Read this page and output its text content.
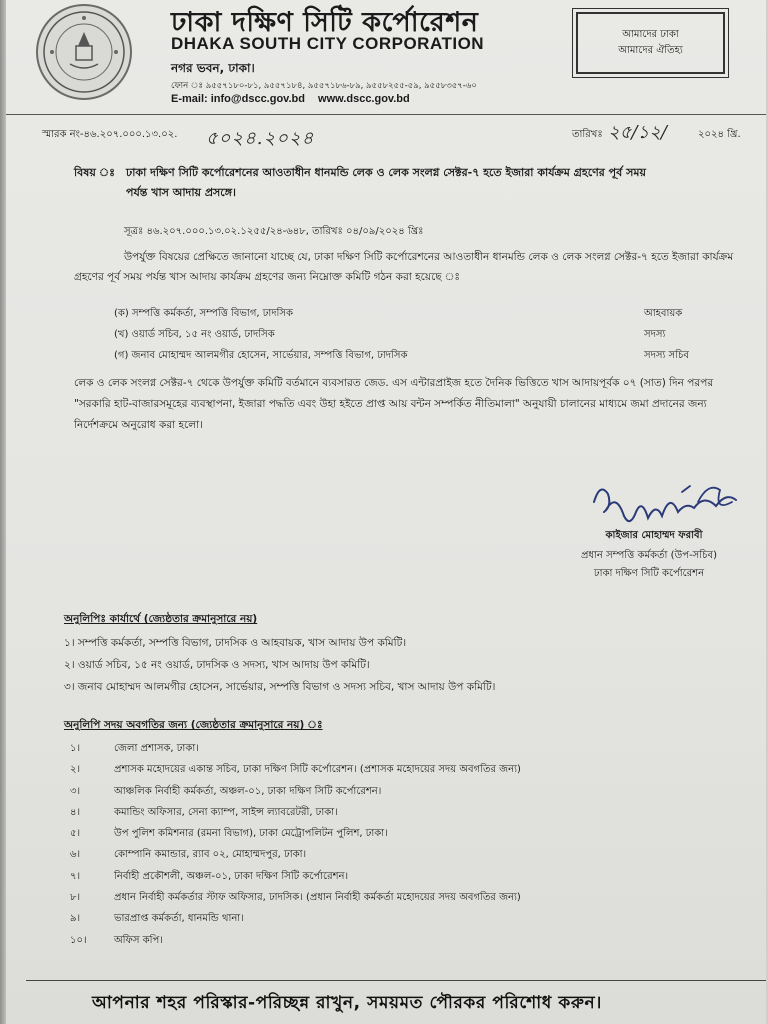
ঢাকা দক্ষিণ সিটি কর্পোরেশন
DHAKA SOUTH CITY CORPORATION
নগর ভবন, ঢাকা।
ফোন ঃ ৯৫৫৭১৮০-৮১, ৯৫৫৭১৮৪, ৯৫৫৭১৮৬-৮৯, ৯৫৫৮২৫৫-৫৯, ৯৫৫৮৩৫৭-৬০
E-mail: info@dscc.gov.bd www.dscc.gov.bd
আমাদের ঢাকা
আমাদের ঐতিহ্য
স্মারক নং-৪৬.২০৭.০০০.১৩.০২. ৫০২৪.২০২৪	তারিখঃ ২৫/১২/	২০২৪ খ্রি.
বিষয় ঃ ঢাকা দক্ষিণ সিটি কর্পোরেশনের আওতাধীন ধানমন্ডি লেক ও লেক সংলগ্ন সেক্টর-৭ হতে ইজারা কার্যক্রম গ্রহণের পূর্ব সময়
পর্যন্ত খাস আদায় প্রসঙ্গে।
সূত্রঃ ৪৬.২০৭.০০০.১৩.০২.১২৫৫/২৪-৬৪৮, তারিখঃ ০৪/০৯/২০২৪ খ্রিঃ
উপর্যুক্ত বিষয়ের প্রেক্ষিতে জানানো যাচ্ছে যে, ঢাকা দক্ষিণ সিটি কর্পোরেশনের আওতাধীন ধানমন্ডি লেক ও লেক সংলগ্ন সেক্টর-৭ হতে ইজারা কার্যক্রম গ্রহণের পূর্ব সময় পর্যন্ত খাস আদায় কার্যক্রম গ্রহণের জন্য নিম্নোক্ত কমিটি গঠন করা হয়েছে ঃ
(ক) সম্পত্তি কর্মকর্তা, সম্পত্তি বিভাগ, ঢাদসিক	আহবায়ক
(খ) ওয়ার্ড সচিব, ১৫ নং ওয়ার্ড, ঢাদসিক	সদস্য
(গ) জনাব মোহাম্মদ আলমগীর হোসেন, সার্ভেয়ার, সম্পত্তি বিভাগ, ঢাদসিক	সদস্য সচিব
লেক ও লেক সংলগ্ন সেক্টর-৭ থেকে উপর্যুক্ত কমিটি বর্তমানে ব্যবসারত জেড. এস এন্টারপ্রাইজ হতে দৈনিক ভিত্তিতে খাস আদায়পূর্বক ০৭ (সাত) দিন পরপর "সরকারি হাট-বাজারসমূহের ব্যবস্থাপনা, ইজারা পদ্ধতি এবং উহা হইতে প্রাপ্ত আয় বন্টন সম্পর্কিত নীতিমালা" অনুযায়ী চালানের মাধ্যমে জমা প্রদানের জন্য নির্দেশক্রমে অনুরোধ করা হলো।
কাইজার মোহাম্মদ ফরাবী
প্রধান সম্পত্তি কর্মকর্তা (উপ-সচিব)
ঢাকা দক্ষিণ সিটি কর্পোরেশন
অনুলিপিঃ কার্যার্থে (জ্যেষ্ঠতার ক্রমানুসারে নয়)
১। সম্পত্তি কর্মকর্তা, সম্পত্তি বিভাগ, ঢাদসিক ও আহবায়ক, খাস আদায় উপ কমিটি।
২। ওয়ার্ড সচিব, ১৫ নং ওয়ার্ড, ঢাদসিক ও সদস্য, খাস আদায় উপ কমিটি।
৩। জনাব মোহাম্মদ আলমগীর হোসেন, সার্ভেয়ার, সম্পত্তি বিভাগ ও সদস্য সচিব, খাস আদায় উপ কমিটি।
অনুলিপি সদয় অবগতির জন্য (জ্যেষ্ঠতার ক্রমানুসারে নয়) ঃ
১।	জেলা প্রশাসক, ঢাকা।
২।	প্রশাসক মহোদয়ের একান্ত সচিব, ঢাকা দক্ষিণ সিটি কর্পোরেশন। (প্রশাসক মহোদয়ের সদয় অবগতির জন্য)
৩।	আঞ্চলিক নির্বাহী কর্মকর্তা, অঞ্চল-০১, ঢাকা দক্ষিণ সিটি কর্পোরেশন।
৪।	কমান্ডিং অফিসার, সেনা ক্যাম্প, সাইন্স ল্যাবরেটরী, ঢাকা।
৫।	উপ পুলিশ কমিশনার (রমনা বিভাগ), ঢাকা মেট্রোপলিটন পুলিশ, ঢাকা।
৬।	কোম্পানি কমান্ডার, র‍্যাব ০২, মোহাম্মদপুর, ঢাকা।
৭।	নির্বাহী প্রকৌশলী, অঞ্চল-০১, ঢাকা দক্ষিণ সিটি কর্পোরেশন।
৮।	প্রধান নির্বাহী কর্মকর্তার স্টাফ অফিসার, ঢাদসিক। (প্রধান নির্বাহী কর্মকর্তা মহোদয়ের সদয় অবগতির জন্য)
৯।	ভারপ্রাপ্ত কর্মকর্তা, ধানমন্ডি থানা।
১০।	অফিস কপি।
আপনার শহর পরিস্কার-পরিচ্ছন্ন রাখুন, সময়মত পৌরকর পরিশোধ করুন।
